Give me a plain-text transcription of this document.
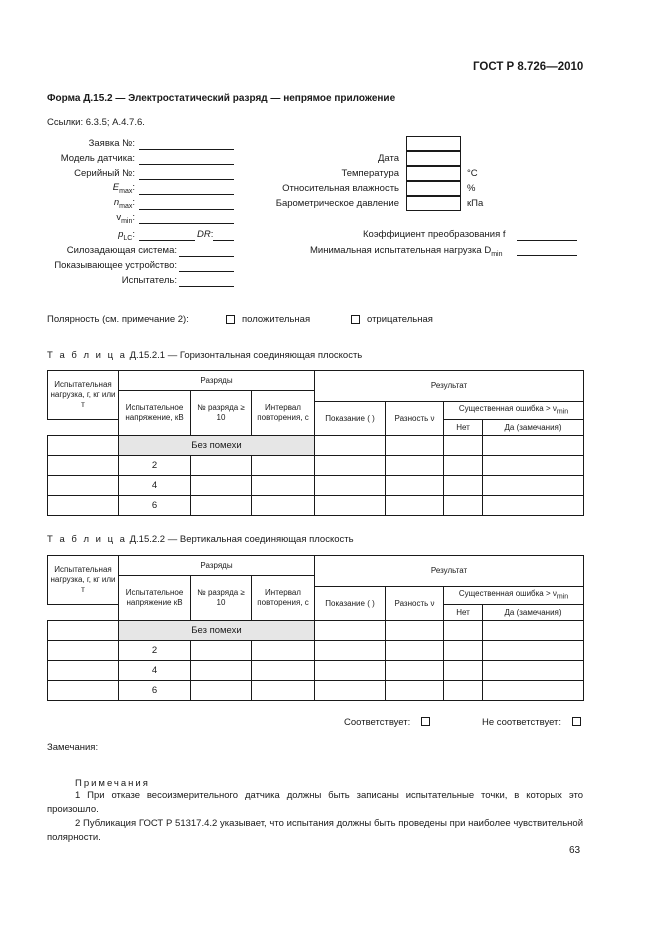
ГОСТ Р 8.726—2010
Форма Д.15.2 — Электростатический разряд — непрямое приложение
Ссылки: 6.3.5; А.4.7.6.
Заявка №:
Модель датчика:
Серийный №:
$E_{max}$:
$n_{max}$:
$v_{min}$:
$p_{LC}$:	DR:
Силозадающая система:
Показывающее устройство:
Испытатель:
Дата
Температура	°С
Относительная влажность	%
Барометрическое давление	кПа
Коэффициент преобразования f
Минимальная испытательная нагрузка $D_{min}$
Полярность (см. примечание 2):	положительная	отрицательная
Т а б л и ц а Д.15.2.1 — Горизонтальная соединяющая плоскость
Испытательная нагрузка, г, кг или т	Разряды			Результат			
	Испытательное напряжение, кВ	№ разряда ≥ 10	Интервал повторения, с				
				Показание ( )	Разность ν	Существенная ошибка > $\nu_{min}$
						Нет	Да (замечания)
	Без помехи						
	2						
	4						
	6						
Т а б л и ц а Д.15.2.2 — Вертикальная соединяющая плоскость
Испытательная нагрузка, г, кг или т	Разряды			Результат			
	Испытательное напряжение кВ	№ разряда ≥ 10	Интервал повторения, с				
				Показание ( )	Разность ν	Существенная ошибка > $\nu_{min}$
						Нет	Да (замечания)
	Без помехи						
	2						
	4						
	6						
Соответствует:	Не соответствует:
Замечания:
Примечания
1 При отказе весоизмерительного датчика должны быть записаны испытательные точки, в которых это произошло.
2 Публикация ГОСТ Р 51317.4.2 указывает, что испытания должны быть проведены при наиболее чувствительной полярности.
63
